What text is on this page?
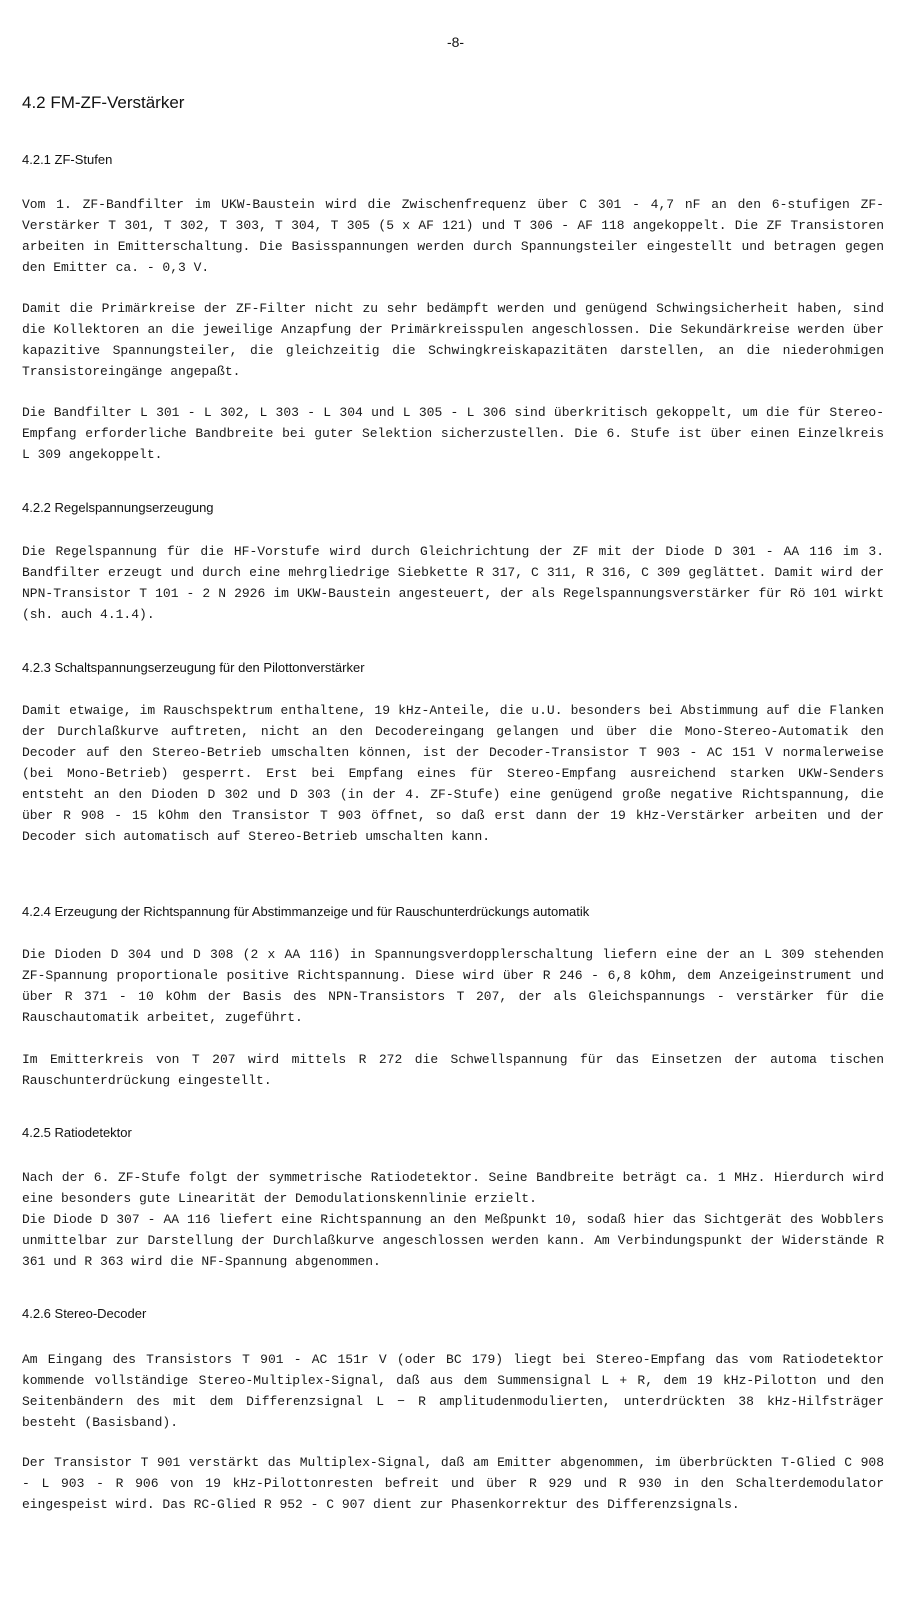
-8-
4.2 FM-ZF-Verstärker
4.2.1 ZF-Stufen

Vom 1. ZF-Bandfilter im UKW-Baustein wird die Zwischenfrequenz über C 301 - 4,7 nF an den 6-stufigen ZF-Verstärker T 301, T 302, T 303, T 304, T 305 (5 x AF 121) und T 306 - AF 118 angekoppelt. Die ZF Transistoren arbeiten in Emitterschaltung. Die Basisspannungen werden durch Spannungsteiler eingestellt und betragen gegen den Emitter ca. - 0,3 V.

Damit die Primärkreise der ZF-Filter nicht zu sehr bedämpft werden und genügend Schwingsicherheit haben, sind die Kollektoren an die jeweilige Anzapfung der Primärkreisspulen angeschlossen. Die Sekundärkreise werden über kapazitive Spannungsteiler, die gleichzeitig die Schwingkreiskapazitäten darstellen, an die niederohmigen Transistoreingänge angepaßt.

Die Bandfilter L 301 - L 302, L 303 - L 304 und L 305 - L 306 sind überkritisch gekoppelt, um die für Stereo-Empfang erforderliche Bandbreite bei guter Selektion sicherzustellen. Die 6. Stufe ist über einen Einzelkreis L 309 angekoppelt.

4.2.2 Regelspannungserzeugung

Die Regelspannung für die HF-Vorstufe wird durch Gleichrichtung der ZF mit der Diode D 301 - AA 116 im 3. Bandfilter erzeugt und durch eine mehrgliedrige Siebkette R 317, C 311, R 316, C 309 geglättet. Damit wird der NPN-Transistor T 101 - 2 N 2926 im UKW-Baustein angesteuert, der als Regelspannungsverstärker für Rö 101 wirkt (sh. auch 4.1.4).

4.2.3 Schaltspannungserzeugung für den Pilottonverstärker

Damit etwaige, im Rauschspektrum enthaltene, 19 kHz-Anteile, die u.U. besonders bei Abstimmung auf die Flanken der Durchlaßkurve auftreten, nicht an den Decodereingang gelangen und über die Mono-Stereo-Automatik den Decoder auf den Stereo-Betrieb umschalten können, ist der Decoder-Transistor T 903 - AC 151 V normalerweise (bei Mono-Betrieb) gesperrt. Erst bei Empfang eines für Stereo-Empfang ausreichend starken UKW-Senders entsteht an den Dioden D 302 und D 303 (in der 4. ZF-Stufe) eine genügend große negative Richtspannung, die über R 908 - 15 kOhm den Transistor T 903 öffnet, so daß erst dann der 19 kHz-Verstärker arbeiten und der Decoder sich automatisch auf Stereo-Betrieb umschalten kann.

4.2.4 Erzeugung der Richtspannung für Abstimmanzeige und für Rauschunterdrückungs automatik

Die Dioden D 304 und D 308 (2 x AA 116) in Spannungsverdopplerschaltung liefern eine der an L 309 stehenden ZF-Spannung proportionale positive Richtspannung. Diese wird über R 246 - 6,8 kOhm, dem Anzeigeinstrument und über R 371 - 10 kOhm der Basis des NPN-Transistors T 207, der als Gleichspannungs - verstärker für die Rauschautomatik arbeitet, zugeführt.

Im Emitterkreis von T 207 wird mittels R 272 die Schwellspannung für das Einsetzen der automa tischen Rauschunterdrückung eingestellt.

4.2.5 Ratiodetektor

Nach der 6. ZF-Stufe folgt der symmetrische Ratiodetektor. Seine Bandbreite beträgt ca. 1 MHz. Hierdurch wird eine besonders gute Linearität der Demodulationskennlinie erzielt.

Die Diode D 307 - AA 116 liefert eine Richtspannung an den Meßpunkt 10, sodaß hier das Sichtgerät des Wobblers unmittelbar zur Darstellung der Durchlaßkurve angeschlossen werden kann. Am Verbindungspunkt der Widerstände R 361 und R 363 wird die NF-Spannung abgenommen.

4.2.6 Stereo-Decoder

Am Eingang des Transistors T 901 - AC 151r V (oder BC 179) liegt bei Stereo-Empfang das vom Ratiodetektor kommende vollständige Stereo-Multiplex-Signal, daß aus dem Summensignal L + R, dem 19 kHz-Pilotton und den Seitenbändern des mit dem Differenzsignal L − R amplitudenmodulierten, unterdrückten 38 kHz-Hilfsträger besteht (Basisband).

Der Transistor T 901 verstärkt das Multiplex-Signal, daß am Emitter abgenommen, im überbrückten T-Glied C 908 - L 903 - R 906 von 19 kHz-Pilottonresten befreit und über R 929 und R 930 in den Schalterdemodulator eingespeist wird. Das RC-Glied R 952 - C 907 dient zur Phasenkorrektur des Differenzsignals.
